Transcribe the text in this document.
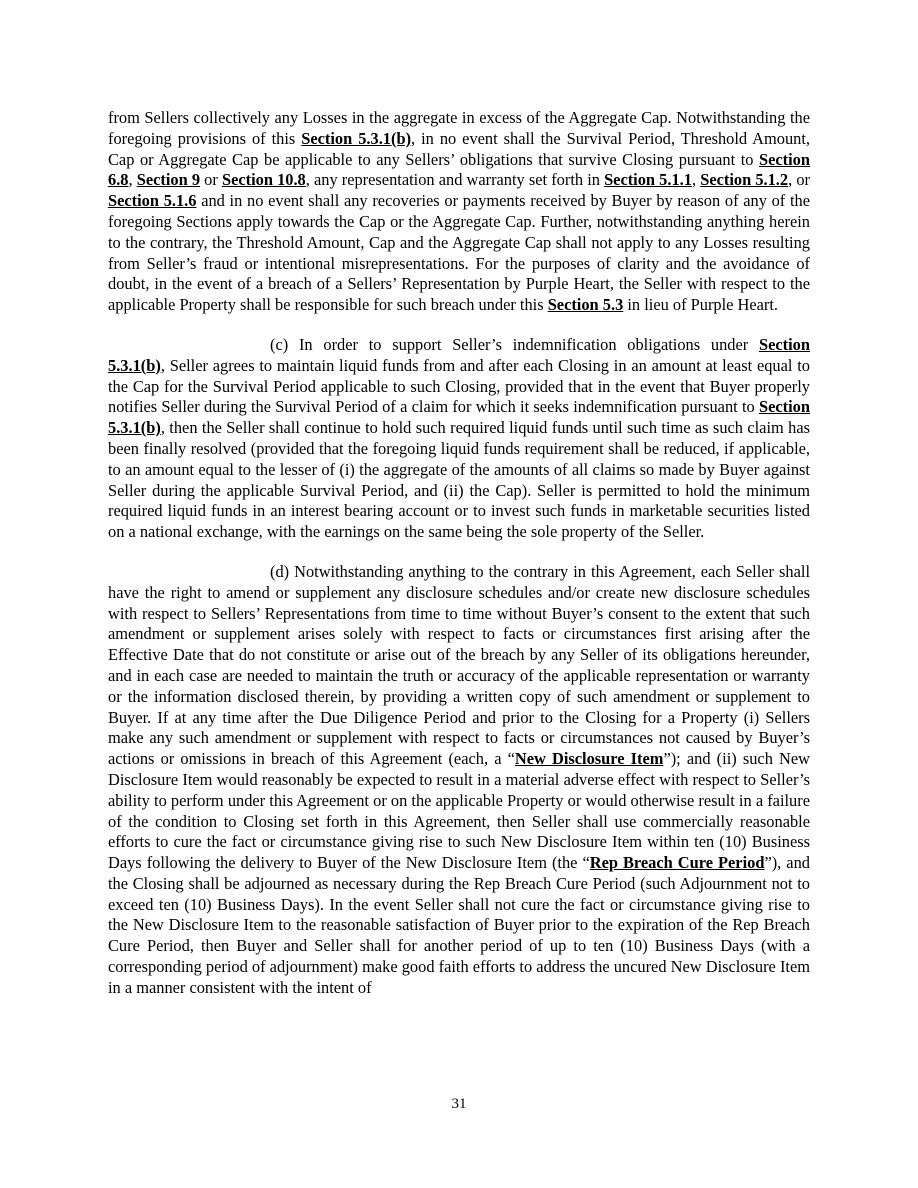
from Sellers collectively any Losses in the aggregate in excess of the Aggregate Cap. Notwithstanding the foregoing provisions of this Section 5.3.1(b), in no event shall the Survival Period, Threshold Amount, Cap or Aggregate Cap be applicable to any Sellers’ obligations that survive Closing pursuant to Section 6.8, Section 9 or Section 10.8, any representation and warranty set forth in Section 5.1.1, Section 5.1.2, or Section 5.1.6 and in no event shall any recoveries or payments received by Buyer by reason of any of the foregoing Sections apply towards the Cap or the Aggregate Cap. Further, notwithstanding anything herein to the contrary, the Threshold Amount, Cap and the Aggregate Cap shall not apply to any Losses resulting from Seller’s fraud or intentional misrepresentations. For the purposes of clarity and the avoidance of doubt, in the event of a breach of a Sellers’ Representation by Purple Heart, the Seller with respect to the applicable Property shall be responsible for such breach under this Section 5.3 in lieu of Purple Heart.

(c) In order to support Seller’s indemnification obligations under Section 5.3.1(b), Seller agrees to maintain liquid funds from and after each Closing in an amount at least equal to the Cap for the Survival Period applicable to such Closing, provided that in the event that Buyer properly notifies Seller during the Survival Period of a claim for which it seeks indemnification pursuant to Section 5.3.1(b), then the Seller shall continue to hold such required liquid funds until such time as such claim has been finally resolved (provided that the foregoing liquid funds requirement shall be reduced, if applicable, to an amount equal to the lesser of (i) the aggregate of the amounts of all claims so made by Buyer against Seller during the applicable Survival Period, and (ii) the Cap). Seller is permitted to hold the minimum required liquid funds in an interest bearing account or to invest such funds in marketable securities listed on a national exchange, with the earnings on the same being the sole property of the Seller.

(d) Notwithstanding anything to the contrary in this Agreement, each Seller shall have the right to amend or supplement any disclosure schedules and/or create new disclosure schedules with respect to Sellers’ Representations from time to time without Buyer’s consent to the extent that such amendment or supplement arises solely with respect to facts or circumstances first arising after the Effective Date that do not constitute or arise out of the breach by any Seller of its obligations hereunder, and in each case are needed to maintain the truth or accuracy of the applicable representation or warranty or the information disclosed therein, by providing a written copy of such amendment or supplement to Buyer. If at any time after the Due Diligence Period and prior to the Closing for a Property (i) Sellers make any such amendment or supplement with respect to facts or circumstances not caused by Buyer’s actions or omissions in breach of this Agreement (each, a “New Disclosure Item”); and (ii) such New Disclosure Item would reasonably be expected to result in a material adverse effect with respect to Seller’s ability to perform under this Agreement or on the applicable Property or would otherwise result in a failure of the condition to Closing set forth in this Agreement, then Seller shall use commercially reasonable efforts to cure the fact or circumstance giving rise to such New Disclosure Item within ten (10) Business Days following the delivery to Buyer of the New Disclosure Item (the “Rep Breach Cure Period”), and the Closing shall be adjourned as necessary during the Rep Breach Cure Period (such Adjournment not to exceed ten (10) Business Days). In the event Seller shall not cure the fact or circumstance giving rise to the New Disclosure Item to the reasonable satisfaction of Buyer prior to the expiration of the Rep Breach Cure Period, then Buyer and Seller shall for another period of up to ten (10) Business Days (with a corresponding period of adjournment) make good faith efforts to address the uncured New Disclosure Item in a manner consistent with the intent of

31
